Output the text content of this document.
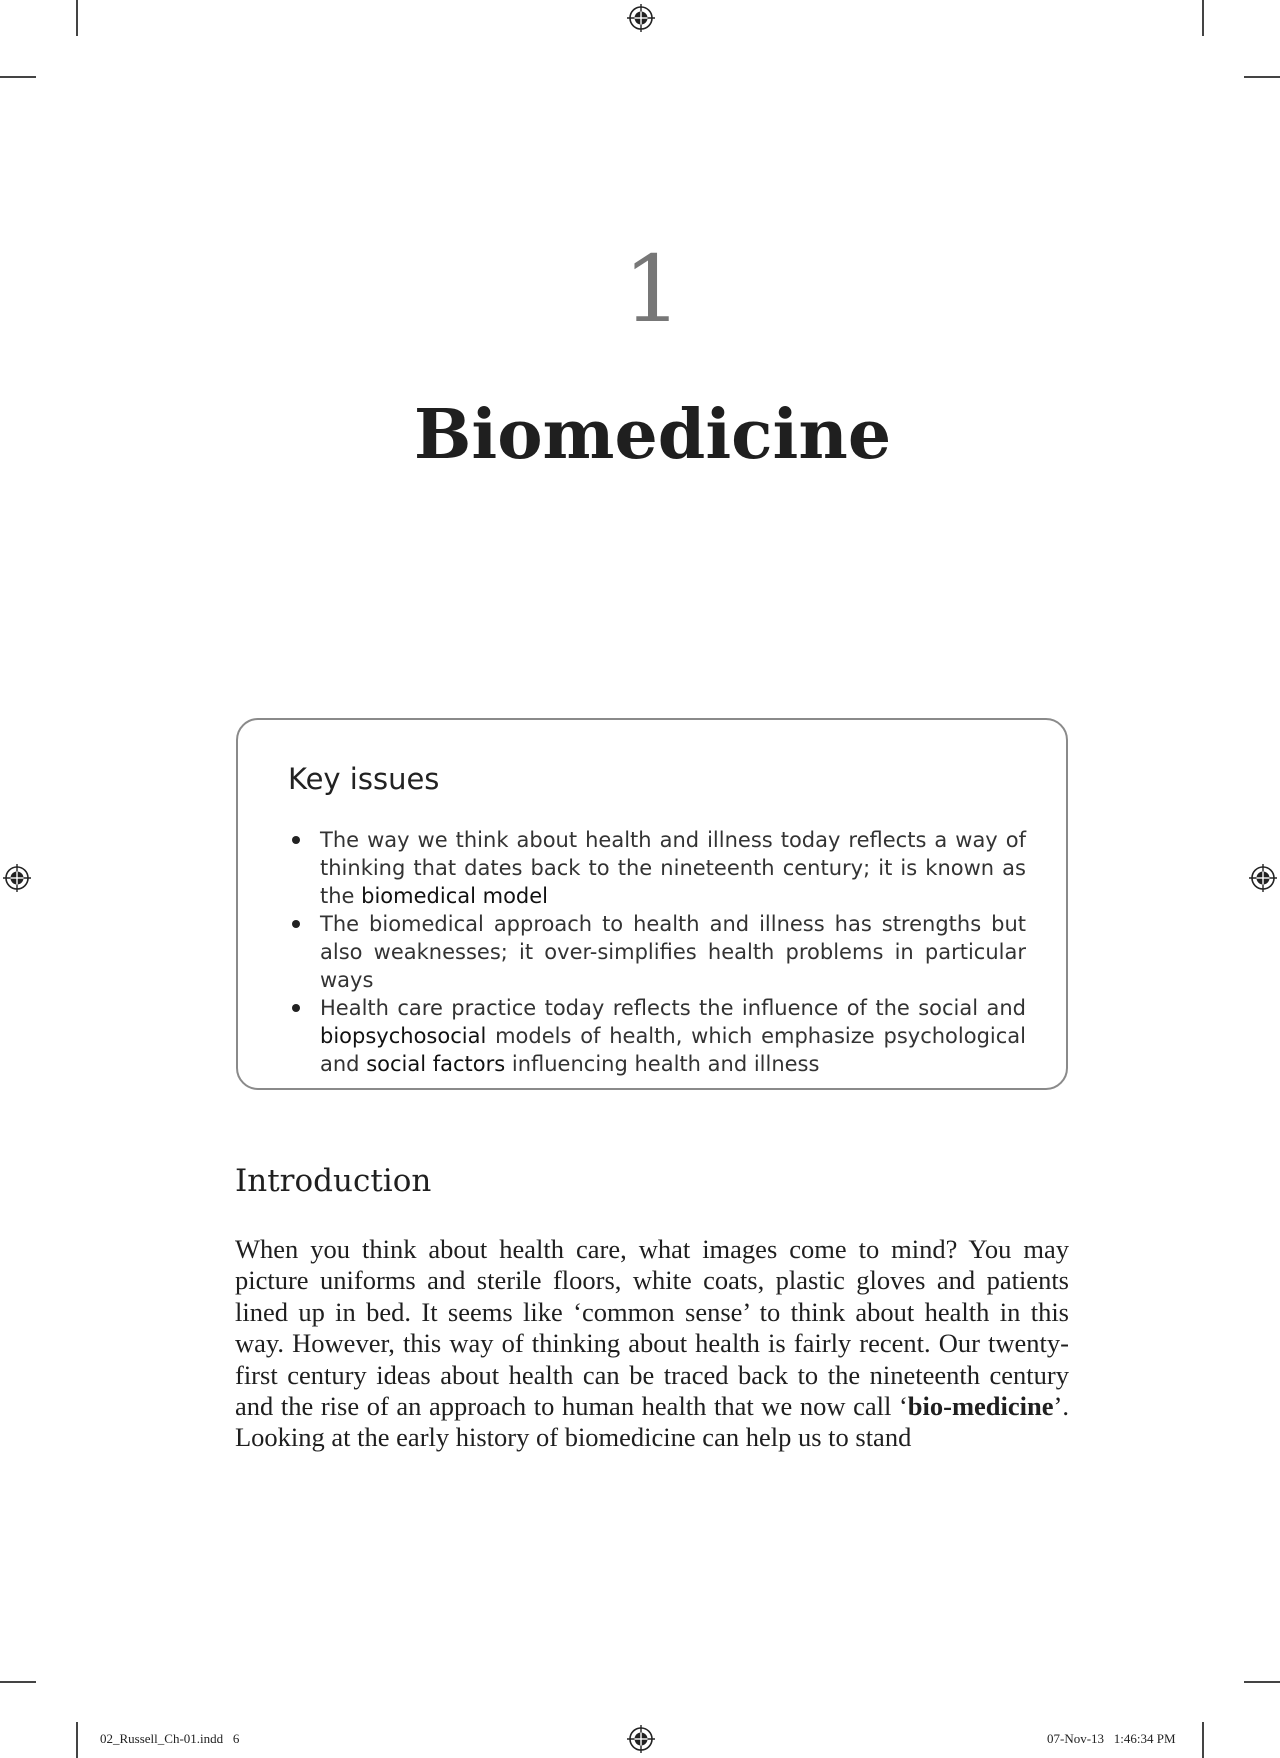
1
Biomedicine
Key issues
The way we think about health and illness today reflects a way of thinking that dates back to the nineteenth century; it is known as the biomedical model
The biomedical approach to health and illness has strengths but also weaknesses; it over-simplifies health problems in particular ways
Health care practice today reflects the influence of the social and biopsychosocial models of health, which emphasize psychological and social factors influencing health and illness
Introduction

When you think about health care, what images come to mind? You may picture uniforms and sterile floors, white coats, plastic gloves and patients lined up in bed. It seems like ‘common sense’ to think about health in this way. However, this way of thinking about health is fairly recent. Our twenty-first century ideas about health can be traced back to the nineteenth century and the rise of an approach to human health that we now call ‘bio-medicine’. Looking at the early history of biomedicine can help us to stand

02_Russell_Ch-01.indd   6	07-Nov-13   1:46:34 PM
